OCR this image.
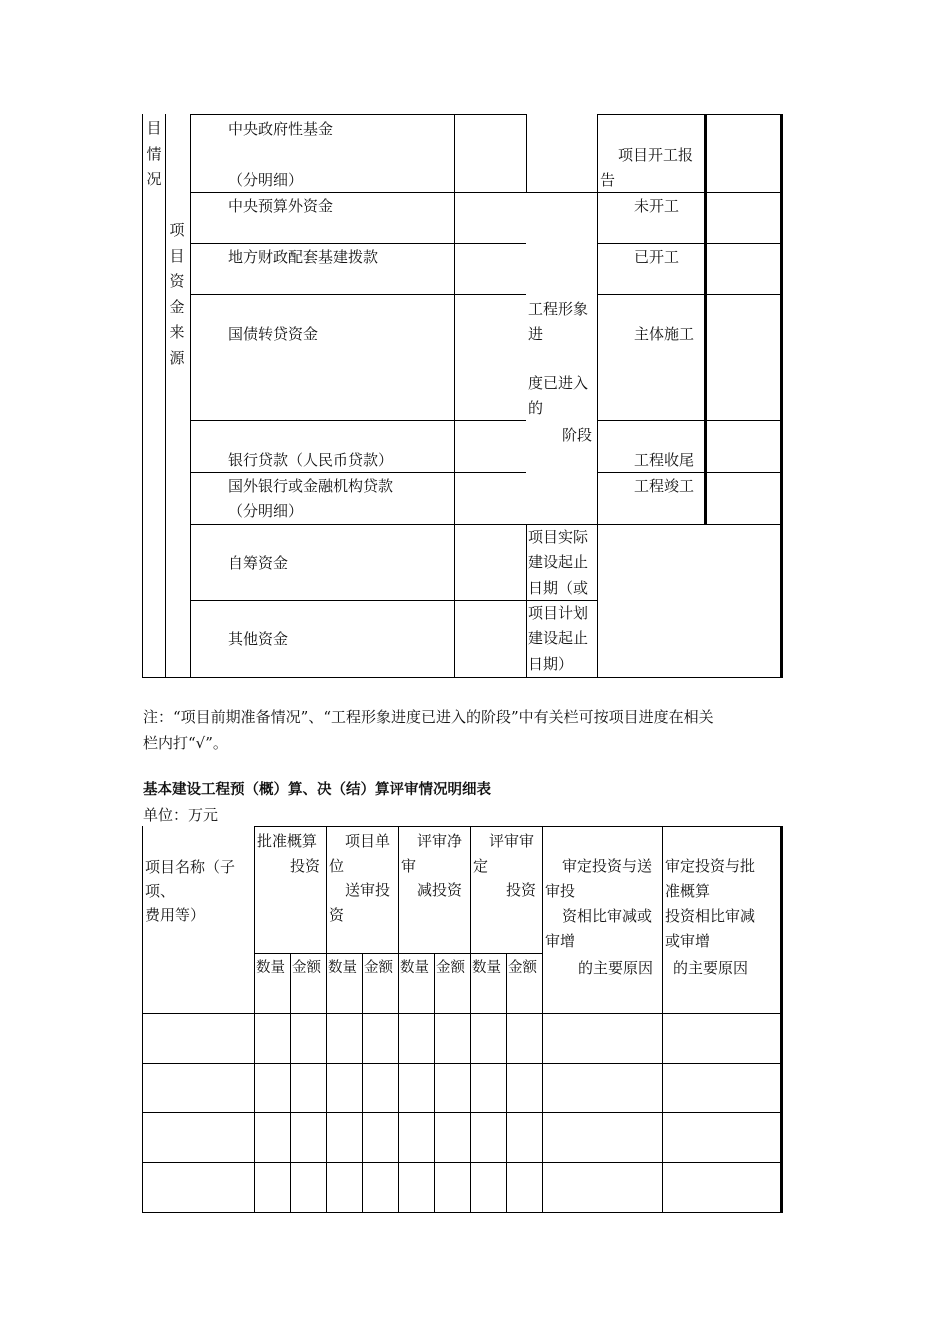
目情况
项目资金来源
中央政府性基金
（分明细）
中央预算外资金
地方财政配套基建拨款
国债转贷资金
银行贷款（人民币贷款）
国外银行或金融机构贷款
（分明细）
自筹资金
其他资金
工程形象
进
度已进入
的
阶段
项目开工报
告
未开工
已开工
主体施工
工程收尾
工程竣工
项目实际
建设起止
日期（或
项目计划
建设起止
日期）
注：“项目前期准备情况”、“工程形象进度已进入的阶段”中有关栏可按项目进度在相关
栏内打“√”。
基本建设工程预（概）算、决（结）算评审情况明细表
单位：万元
项目名称（子
项、
费用等）
批准概算
投资
项目单
位
送审投
资
评审净
审
减投资
评审审
定
投资
数量 金额 数量 金额 数量 金额 数量 金额
审定投资与送
审投
资相比审减或
审增
的主要原因
审定投资与批
准概算
投资相比审减
或审增
的主要原因
